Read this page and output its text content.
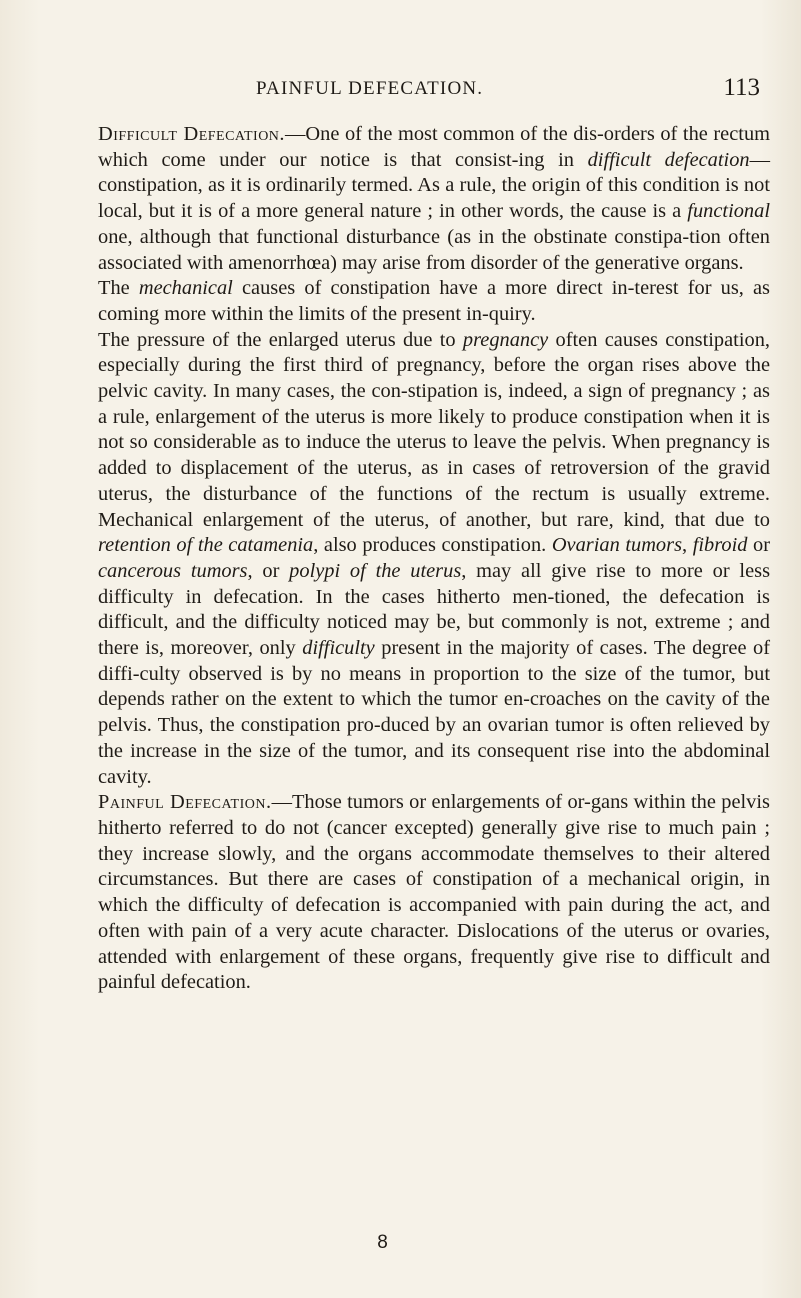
PAINFUL DEFECATION.	113

Difficult Defecation.—One of the most common of the dis-orders of the rectum which come under our notice is that consist-ing in difficult defecation—constipation, as it is ordinarily termed. As a rule, the origin of this condition is not local, but it is of a more general nature ; in other words, the cause is a functional one, although that functional disturbance (as in the obstinate constipa-tion often associated with amenorrhœa) may arise from disorder of the generative organs.

The mechanical causes of constipation have a more direct in-terest for us, as coming more within the limits of the present in-quiry.

The pressure of the enlarged uterus due to pregnancy often causes constipation, especially during the first third of pregnancy, before the organ rises above the pelvic cavity. In many cases, the con-stipation is, indeed, a sign of pregnancy ; as a rule, enlargement of the uterus is more likely to produce constipation when it is not so considerable as to induce the uterus to leave the pelvis. When pregnancy is added to displacement of the uterus, as in cases of retroversion of the gravid uterus, the disturbance of the functions of the rectum is usually extreme. Mechanical enlargement of the uterus, of another, but rare, kind, that due to retention of the catamenia, also produces constipation. Ovarian tumors, fibroid or cancerous tumors, or polypi of the uterus, may all give rise to more or less difficulty in defecation. In the cases hitherto men-tioned, the defecation is difficult, and the difficulty noticed may be, but commonly is not, extreme ; and there is, moreover, only difficulty present in the majority of cases. The degree of diffi-culty observed is by no means in proportion to the size of the tumor, but depends rather on the extent to which the tumor en-croaches on the cavity of the pelvis. Thus, the constipation pro-duced by an ovarian tumor is often relieved by the increase in the size of the tumor, and its consequent rise into the abdominal cavity.

Painful Defecation.—Those tumors or enlargements of or-gans within the pelvis hitherto referred to do not (cancer excepted) generally give rise to much pain ; they increase slowly, and the organs accommodate themselves to their altered circumstances. But there are cases of constipation of a mechanical origin, in which the difficulty of defecation is accompanied with pain during the act, and often with pain of a very acute character. Dislocations of the uterus or ovaries, attended with enlargement of these organs, frequently give rise to difficult and painful defecation.

8
